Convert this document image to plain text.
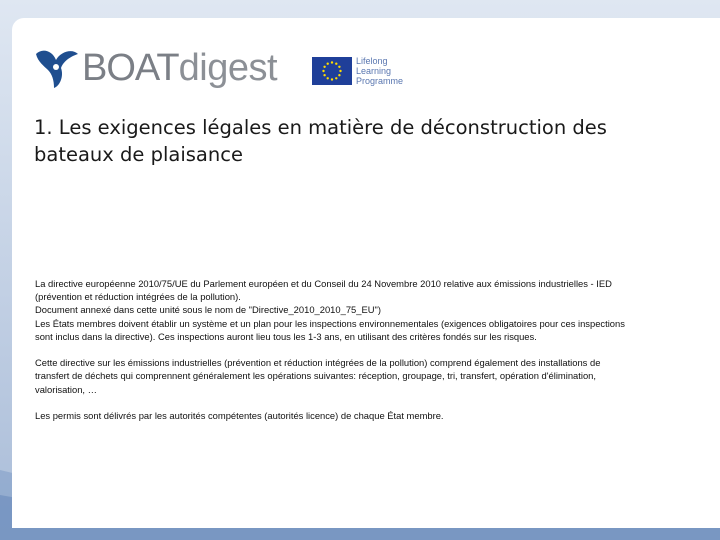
BOAT digest	Lifelong
Learning
Programme
1. Les exigences légales en matière de déconstruction des bateaux de plaisance

La directive européenne 2010/75/UE du Parlement européen et du Conseil du 24 Novembre 2010 relative aux émissions industrielles - IED

(prévention et réduction intégrées de la pollution).

Document annexé dans cette unité sous le nom de "Directive_2010_2010_75_EU")

Les États membres doivent établir un système et un plan pour les inspections environnementales (exigences obligatoires pour ces inspections

sont inclus dans la directive). Ces inspections auront lieu tous les 1-3 ans, en utilisant des critères fondés sur les risques.

Cette directive sur les émissions industrielles (prévention et réduction intégrées de la pollution) comprend également des installations de

transfert de déchets qui comprennent généralement les opérations suivantes: réception, groupage, tri, transfert, opération d'élimination,

valorisation, …

Les permis sont délivrés par les autorités compétentes (autorités licence) de chaque État membre.
